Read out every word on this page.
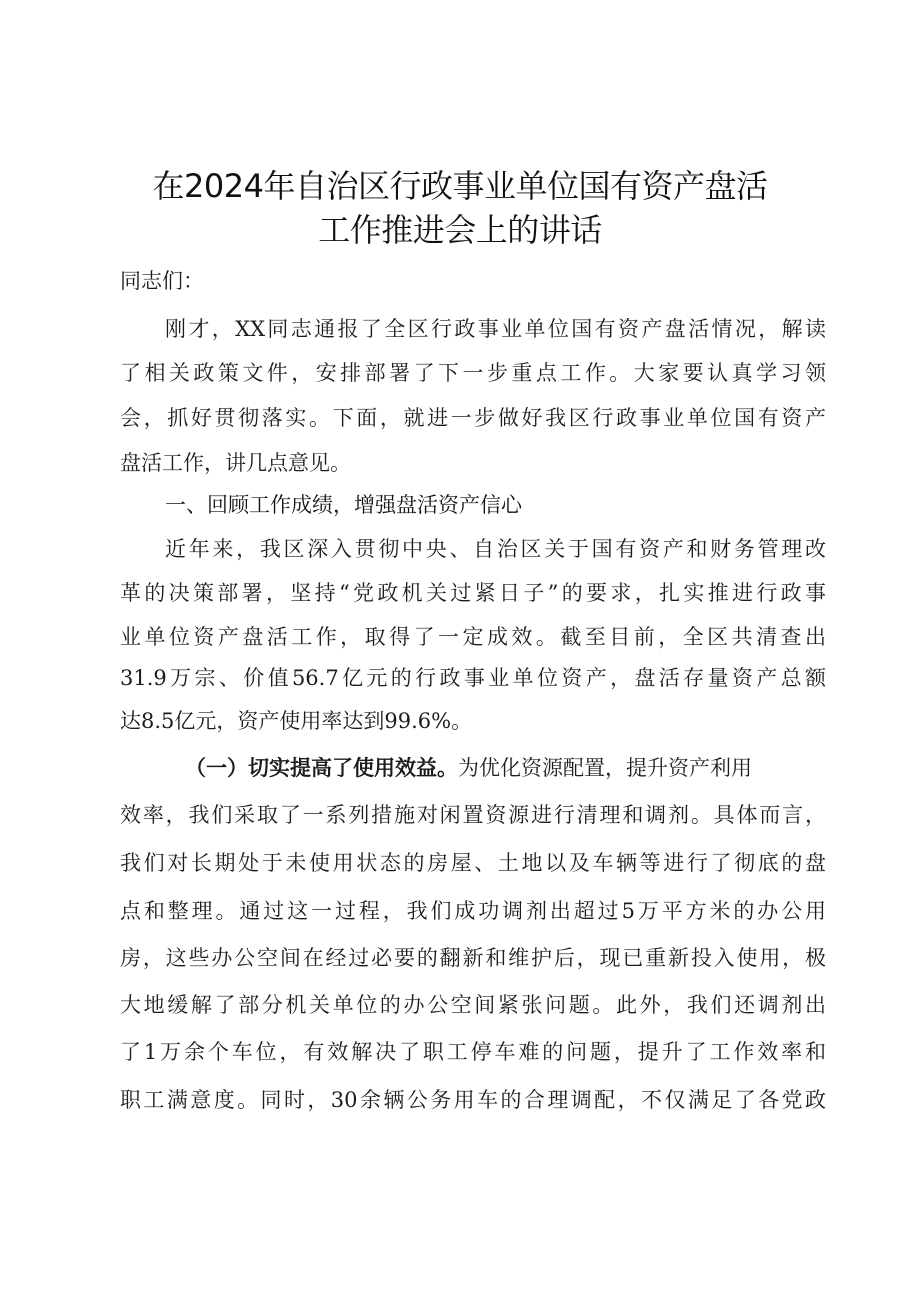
在2024年自治区行政事业单位国有资产盘活
工作推进会上的讲话
同志们：
刚才，XX同志通报了全区行政事业单位国有资产盘活情况，解读
了相关政策文件，安排部署了下一步重点工作。大家要认真学习领
会，抓好贯彻落实。下面，就进一步做好我区行政事业单位国有资产
盘活工作，讲几点意见。
一、回顾工作成绩，增强盘活资产信心
近年来，我区深入贯彻中央、自治区关于国有资产和财务管理改
革的决策部署，坚持“党政机关过紧日子”的要求，扎实推进行政事
业单位资产盘活工作，取得了一定成效。截至目前，全区共清查出
31.9万宗、价值56.7亿元的行政事业单位资产，盘活存量资产总额
达8.5亿元，资产使用率达到99.6%。
（一）切实提高了使用效益。为优化资源配置，提升资产利用
效率，我们采取了一系列措施对闲置资源进行清理和调剂。具体而言，
我们对长期处于未使用状态的房屋、土地以及车辆等进行了彻底的盘
点和整理。通过这一过程，我们成功调剂出超过5万平方米的办公用
房，这些办公空间在经过必要的翻新和维护后，现已重新投入使用，极
大地缓解了部分机关单位的办公空间紧张问题。此外，我们还调剂出
了1万余个车位，有效解决了职工停车难的问题，提升了工作效率和
职工满意度。同时，30余辆公务用车的合理调配，不仅满足了各党政
